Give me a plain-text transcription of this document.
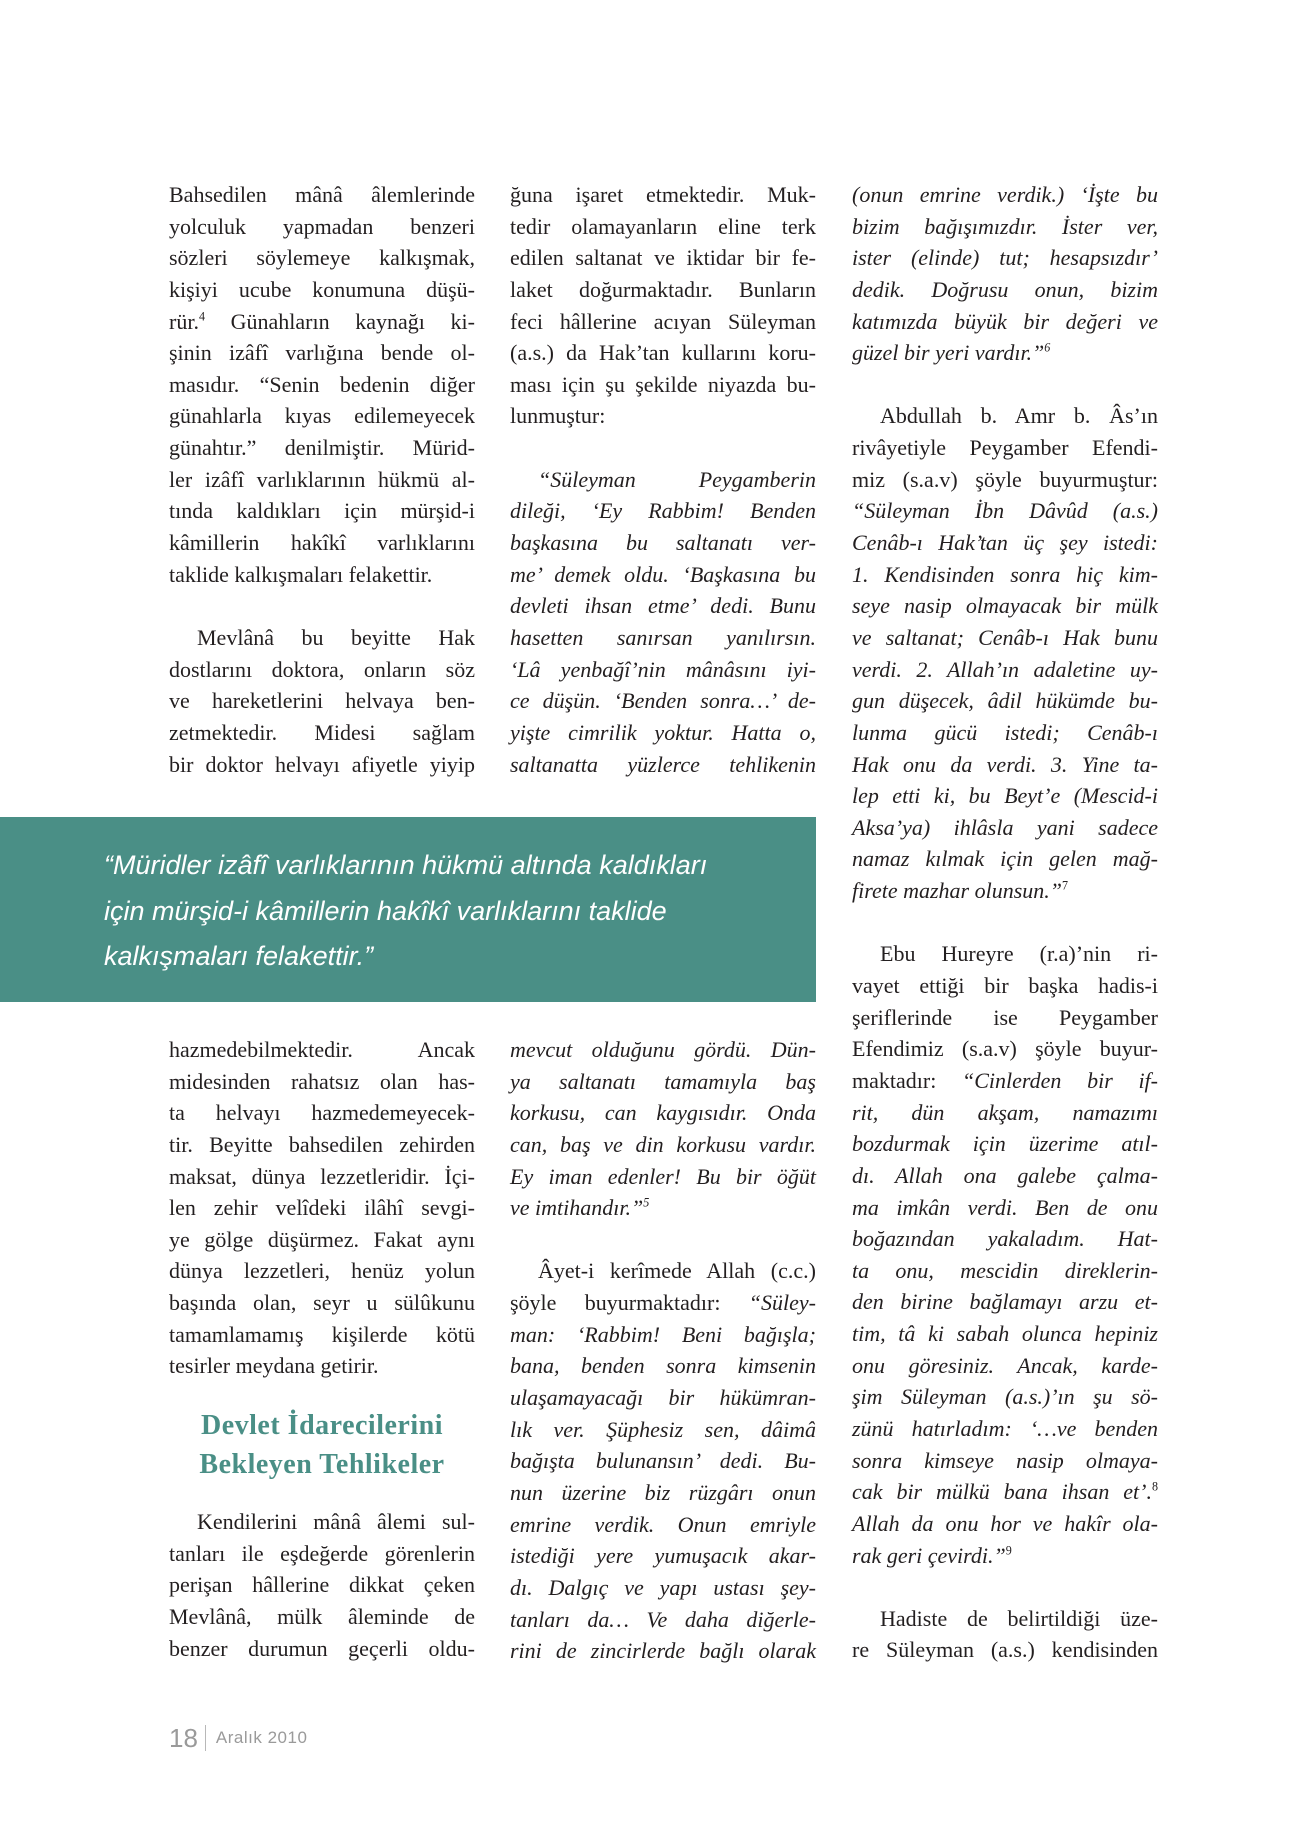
Bahsedilen mânâ âlemlerinde
yolculuk yapmadan benzeri
sözleri söylemeye kalkışmak,
kişiyi ucube konumuna düşü-
rür.$^4$ Günahların kaynağı ki-
şinin izâfî varlığına bende ol-
masıdır. “Senin bedenin diğer
günahlarla kıyas edilemeyecek
günahtır.” denilmiştir. Mürid-
ler izâfî varlıklarının hükmü al-
tında kaldıkları için mürşid-i
kâmillerin hakîkî varlıklarını
taklide kalkışmaları felakettir.
Mevlânâ bu beyitte Hak
dostlarını doktora, onların söz
ve hareketlerini helvaya ben-
zetmektedir. Midesi sağlam
bir doktor helvayı afiyetle yiyip
ğuna işaret etmektedir. Muk-
tedir olamayanların eline terk
edilen saltanat ve iktidar bir fe-
laket doğurmaktadır. Bunların
feci hâllerine acıyan Süleyman
(a.s.) da Hak’tan kullarını koru-
ması için şu şekilde niyazda bu-
lunmuştur:
“Süleyman Peygamberin
dileği, ‘Ey Rabbim! Benden
başkasına bu saltanatı ver-
me’ demek oldu. ‘Başkasına bu
devleti ihsan etme’ dedi. Bunu
hasetten sanırsan yanılırsın.
‘Lâ yenbağî’nin mânâsını iyi-
ce düşün. ‘Benden sonra…’ de-
yişte cimrilik yoktur. Hatta o,
saltanatta yüzlerce tehlikenin
(onun emrine verdik.) ‘İşte bu
bizim bağışımızdır. İster ver,
ister (elinde) tut; hesapsızdır’
dedik. Doğrusu onun, bizim
katımızda büyük bir değeri ve
güzel bir yeri vardır.”$^6$
Abdullah b. Amr b. Âs’ın
rivâyetiyle Peygamber Efendi-
miz (s.a.v) şöyle buyurmuştur:
“Süleyman İbn Dâvûd (a.s.)
Cenâb-ı Hak’tan üç şey istedi:
1. Kendisinden sonra hiç kim-
seye nasip olmayacak bir mülk
ve saltanat; Cenâb-ı Hak bunu
verdi. 2. Allah’ın adaletine uy-
gun düşecek, âdil hükümde bu-
lunma gücü istedi; Cenâb-ı
Hak onu da verdi. 3. Yine ta-
lep etti ki, bu Beyt’e (Mescid-i
Aksa’ya) ihlâsla yani sadece
namaz kılmak için gelen mağ-
firete mazhar olunsun.”$^7$
Ebu Hureyre (r.a)’nin ri-
vayet ettiği bir başka hadis-i
şeriflerinde ise Peygamber
Efendimiz (s.a.v) şöyle buyur-
maktadır: “Cinlerden bir if-
rit, dün akşam, namazımı
bozdurmak için üzerime atıl-
dı. Allah ona galebe çalma-
ma imkân verdi. Ben de onu
boğazından yakaladım. Hat-
ta onu, mescidin direklerin-
den birine bağlamayı arzu et-
tim, tâ ki sabah olunca hepiniz
onu göresiniz. Ancak, karde-
şim Süleyman (a.s.)’ın şu sö-
zünü hatırladım: ‘…ve benden
sonra kimseye nasip olmaya-
cak bir mülkü bana ihsan et’.$^8$
Allah da onu hor ve hakîr ola-
rak geri çevirdi.”$^9$
Hadiste de belirtildiği üze-
re Süleyman (a.s.) kendisinden
“Müridler izâfî varlıklarının hükmü altında kaldıkları
için mürşid-i kâmillerin hakîkî varlıklarını taklide
kalkışmaları felakettir.”
hazmedebilmektedir. Ancak
midesinden rahatsız olan has-
ta helvayı hazmedemeyecek-
tir. Beyitte bahsedilen zehirden
maksat, dünya lezzetleridir. İçi-
len zehir velîdeki ilâhî sevgi-
ye gölge düşürmez. Fakat aynı
dünya lezzetleri, henüz yolun
başında olan, seyr u sülûkunu
tamamlamamış kişilerde kötü
tesirler meydana getirir.
Devlet İdarecilerini
Bekleyen Tehlikeler
Kendilerini mânâ âlemi sul-
tanları ile eşdeğerde görenlerin
perişan hâllerine dikkat çeken
Mevlânâ, mülk âleminde de
benzer durumun geçerli oldu-
mevcut olduğunu gördü. Dün-
ya saltanatı tamamıyla baş
korkusu, can kaygısıdır. Onda
can, baş ve din korkusu vardır.
Ey iman edenler! Bu bir öğüt
ve imtihandır.”$^5$
Âyet-i kerîmede Allah (c.c.)
şöyle buyurmaktadır: “Süley-
man: ‘Rabbim! Beni bağışla;
bana, benden sonra kimsenin
ulaşamayacağı bir hükümran-
lık ver. Şüphesiz sen, dâimâ
bağışta bulunansın’ dedi. Bu-
nun üzerine biz rüzgârı onun
emrine verdik. Onun emriyle
istediği yere yumuşacık akar-
dı. Dalgıç ve yapı ustası şey-
tanları da… Ve daha diğerle-
rini de zincirlerde bağlı olarak
18 Aralık 2010
